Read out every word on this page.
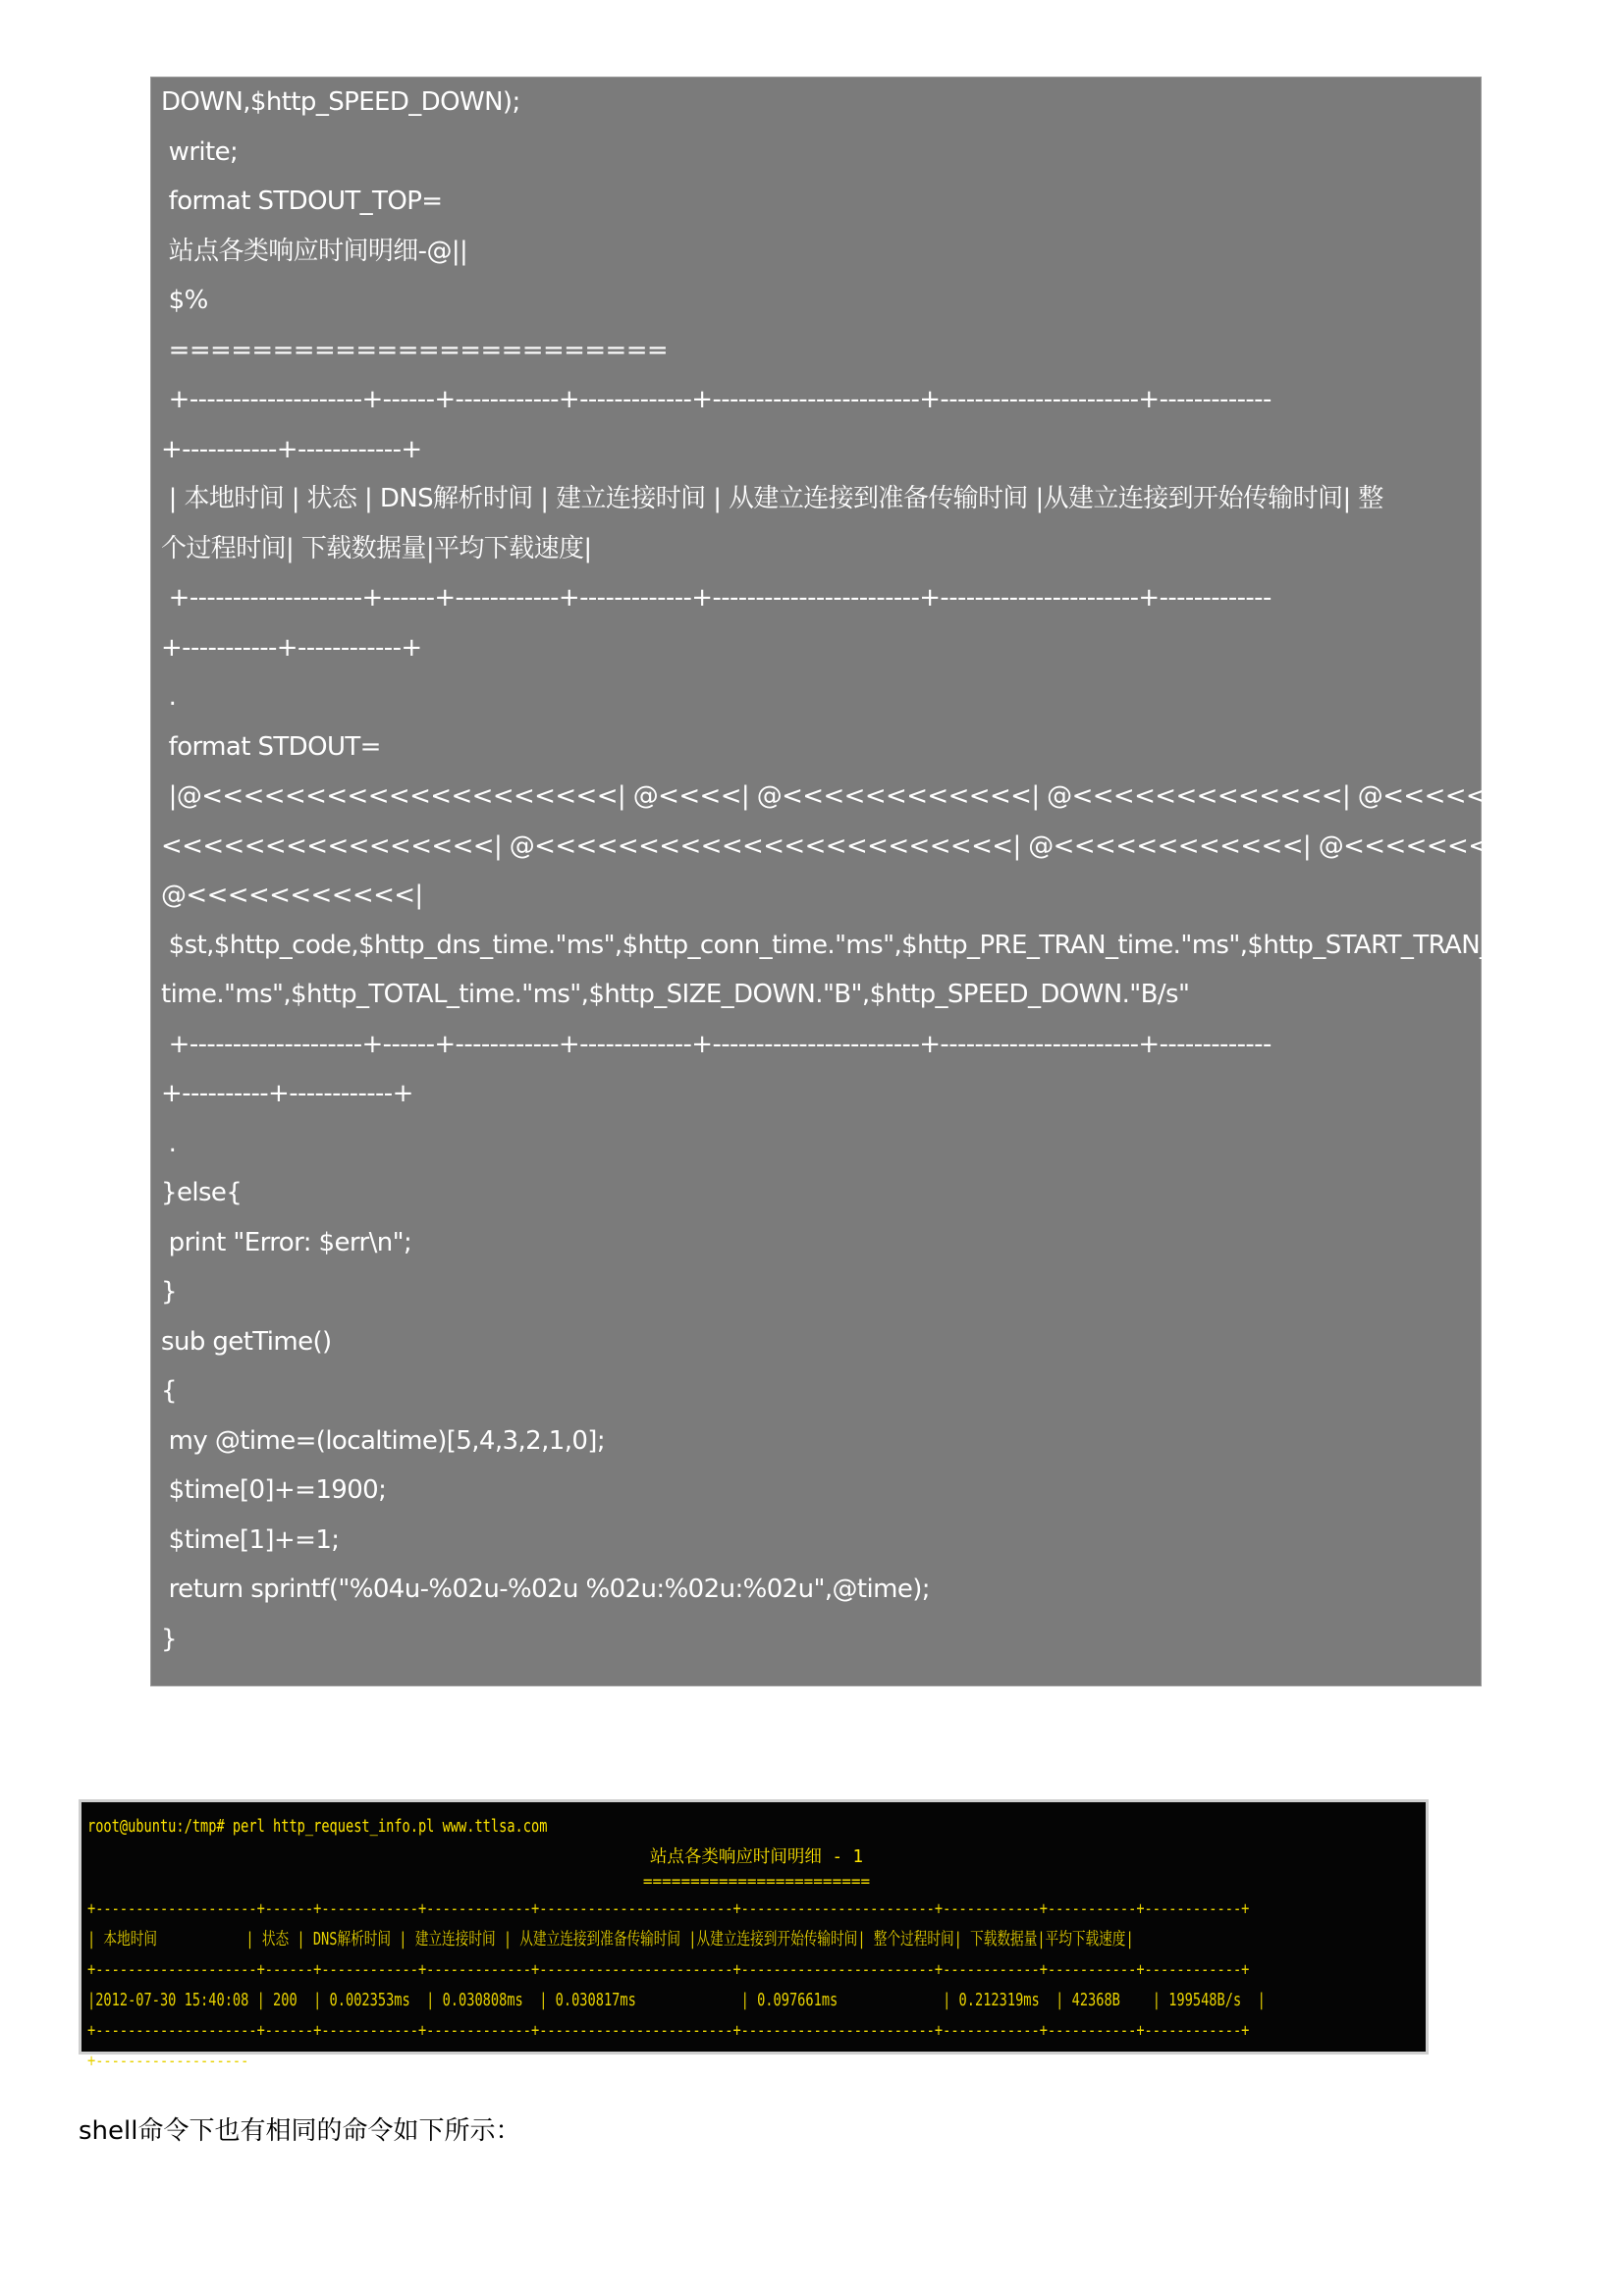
DOWN,$http_SPEED_DOWN);
write;
format STDOUT_TOP=
站点各类响应时间明细-@||
$%
========================
+--------------------+------+------------+-------------+------------------------+-----------------------+-------------
+-----------+------------+
| 本地时间 | 状态 | DNS解析时间 | 建立连接时间 | 从建立连接到准备传输时间 |从建立连接到开始传输时间| 整
个过程时间| 下载数据量|平均下载速度|
+--------------------+------+------------+-------------+------------------------+-----------------------+-------------
+-----------+------------+
.
format STDOUT=
|@<<<<<<<<<<<<<<<<<<<<| @<<<<| @<<<<<<<<<<<<| @<<<<<<<<<<<<<| @<<<<<<<<
<<<<<<<<<<<<<<<<| @<<<<<<<<<<<<<<<<<<<<<<<| @<<<<<<<<<<<<| @<<<<<<<<<<|
@<<<<<<<<<<<|
$st,$http_code,$http_dns_time."ms",$http_conn_time."ms",$http_PRE_TRAN_time."ms",$http_START_TRAN_
time."ms",$http_TOTAL_time."ms",$http_SIZE_DOWN."B",$http_SPEED_DOWN."B/s"
+--------------------+------+------------+-------------+------------------------+-----------------------+-------------
+----------+------------+
.
}else{
print "Error: $err\n";
}
sub getTime()
{
my @time=(localtime)[5,4,3,2,1,0];
$time[0]+=1900;
$time[1]+=1;
return sprintf("%04u-%02u-%02u %02u:%02u:%02u",@time);
}
root@ubuntu:/tmp# perl http_request_info.pl www.ttlsa.com
站点各类响应时间明细 - 1
========================
+--------------------+------+------------+-------------+------------------------+------------------------+------------+-----------+------------+
| 本地时间           | 状态 | DNS解析时间 | 建立连接时间 | 从建立连接到准备传输时间 |从建立连接到开始传输时间| 整个过程时间| 下载数据量|平均下载速度|
+--------------------+------+------------+-------------+------------------------+------------------------+------------+-----------+------------+
|2012-07-30 15:40:08 | 200  | 0.002353ms  | 0.030808ms  | 0.030817ms             | 0.097661ms             | 0.212319ms  | 42368B    | 199548B/s  |
+--------------------+------+------------+-------------+------------------------+------------------------+------------+-----------+------------+
+-------------------
shell命令下也有相同的命令如下所示：
